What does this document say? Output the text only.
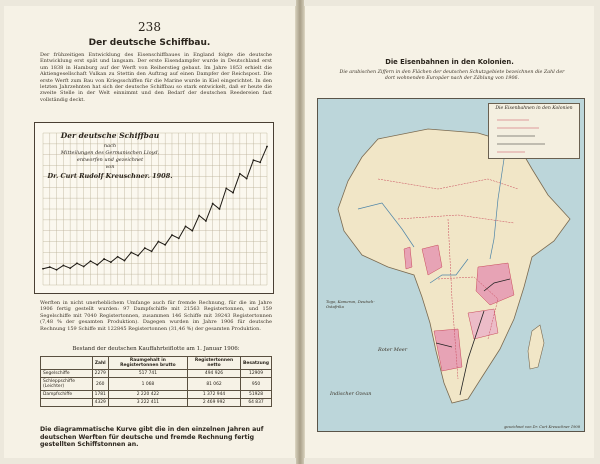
238
Der deutsche Schiffbau.
Der frühzeitigen Entwicklung des Eisenschiffbaues in England folgte die deutsche Entwicklung erst spät und langsam. Der erste Eisendampfer wurde in Deutschland erst um 1838 in Hamburg auf der Werft von Reiherstieg gebaut. Im Jahre 1853 erhielt die Aktiengesellschaft Vulkan zu Stettin den Auftrag auf einen Dampfer der Reichspost. Die erste Werft zum Bau von Kriegsschiffen für die Marine wurde in Kiel eingerichtet. In den letzten Jahrzehnten hat sich der deutsche Schiffbau so stark entwickelt, daß er heute die zweite Stelle in der Welt einnimmt und den Bedarf der deutschen Reedereien fast vollständig deckt.
Der deutsche Schiffbau
nach
Mitteilungen des Germanischen Lloyd,
entworfen und gezeichnet
von
Dr. Curt Rudolf Kreuschner. 1908.
Werften in nicht unerheblichem Umfange auch für fremde Rechnung, für die im Jahre 1906 fertig gestellt wurden: 97 Dampfschiffe mit 21563 Registertonnen, und 159 Segelschiffe mit 7040 Registertonnen, zusammen 146 Schiffe mit 39243 Registertonnen (7,48 % der gesamten Produktion). Dagegen wurden im Jahre 1906 für deutsche Rechnung 159 Schiffe mit 122845 Registertonnen (31,46 %) der gesamten Produktion.
Bestand der deutschen Kauffahrteiflotte am 1. Januar 1906:
	Zahl	Raumgehalt in Registertonnen brutto	Registertonnen netto	Besatzung
Segelschiffe	2279	517 741	494 926	12909
Schleppschiffe (Leichter)	260	1 068	81 062	950
Dampfschiffe	1781	2 220 422	1 372 944	51928
	4329	3 222 411	2 469 992	64 837
Die diagrammatische Kurve gibt die in den einzelnen Jahren auf deutschen Werften für deutsche und fremde Rechnung fertig gestellten Schiffstonnen an.
Die Eisenbahnen in den Kolonien.
Die arabischen Ziffern in den Flächen der deutschen Schutzgebiete bezeichnen die Zahl der dort wohnenden Europäer nach der Zählung von 1906.
Die Eisenbahnen in den Kolonien
Togo, Kamerun, Deutsch-Ostafrika
Roter Meer
Indischer Ozean
gezeichnet von Dr. Curt Kreuschner 1908
